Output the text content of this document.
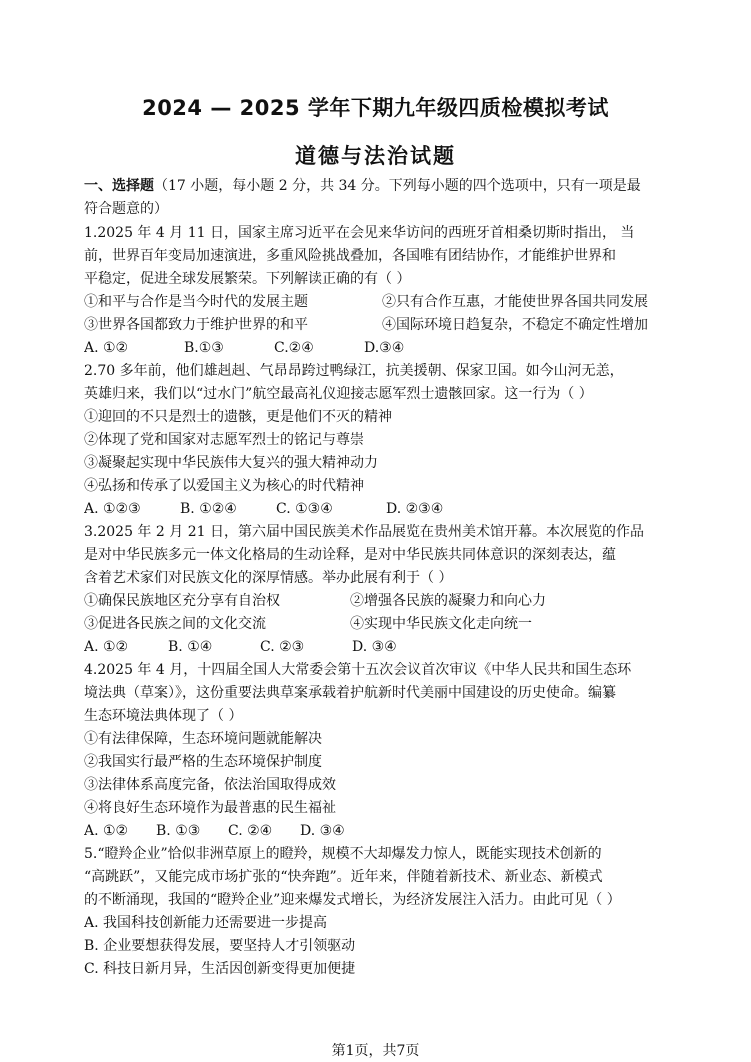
2024 — 2025 学年下期九年级四质检模拟考试
道德与法治试题
一、选择题（17 小题，每小题 2 分，共 34 分。下列每小题的四个选项中，只有一项是最
符合题意的）
1.2025 年 4 月 11 日，国家主席习近平在会见来华访问的西班牙首相桑切斯时指出， 当
前，世界百年变局加速演进，多重风险挑战叠加，各国唯有团结协作，才能维护世界和
平稳定，促进全球发展繁荣。下列解读正确的有（ ）
①和平与合作是当今时代的发展主题	②只有合作互惠，才能使世界各国共同发展
③世界各国都致力于维护世界的和平	④国际环境日趋复杂，不稳定不确定性增加
A. ①②	B.①③	C.②④	D.③④
2.70 多年前，他们雄赳赳、气昂昂跨过鸭绿江，抗美援朝、保家卫国。如今山河无恙，
英雄归来，我们以“过水门”航空最高礼仪迎接志愿军烈士遗骸回家。这一行为（ ）
①迎回的不只是烈士的遗骸，更是他们不灭的精神
②体现了党和国家对志愿军烈士的铭记与尊崇
③凝聚起实现中华民族伟大复兴的强大精神动力
④弘扬和传承了以爱国主义为核心的时代精神
A. ①②③	B. ①②④	C. ①③④	D. ②③④
3.2025 年 2 月 21 日，第六届中国民族美术作品展览在贵州美术馆开幕。本次展览的作品
是对中华民族多元一体文化格局的生动诠释，是对中华民族共同体意识的深刻表达，蕴
含着艺术家们对民族文化的深厚情感。举办此展有利于（ ）
①确保民族地区充分享有自治权	②增强各民族的凝聚力和向心力
③促进各民族之间的文化交流	④实现中华民族文化走向统一
A. ①②	B. ①④	C. ②③	D. ③④
4.2025 年 4 月，十四届全国人大常委会第十五次会议首次审议《中华人民共和国生态环
境法典（草案）》，这份重要法典草案承载着护航新时代美丽中国建设的历史使命。编纂
生态环境法典体现了（ ）
①有法律保障，生态环境问题就能解决
②我国实行最严格的生态环境保护制度
③法律体系高度完备，依法治国取得成效
④将良好生态环境作为最普惠的民生福祉
A. ①② B. ①③ C. ②④ D. ③④
5.“瞪羚企业”恰似非洲草原上的瞪羚，规模不大却爆发力惊人，既能实现技术创新的
“高跳跃”，又能完成市场扩张的“快奔跑”。近年来，伴随着新技术、新业态、新模式
的不断涌现，我国的“瞪羚企业”迎来爆发式增长，为经济发展注入活力。由此可见（ ）
A. 我国科技创新能力还需要进一步提高
B. 企业要想获得发展，要坚持人才引领驱动
C. 科技日新月异，生活因创新变得更加便捷
第1页，共7页
